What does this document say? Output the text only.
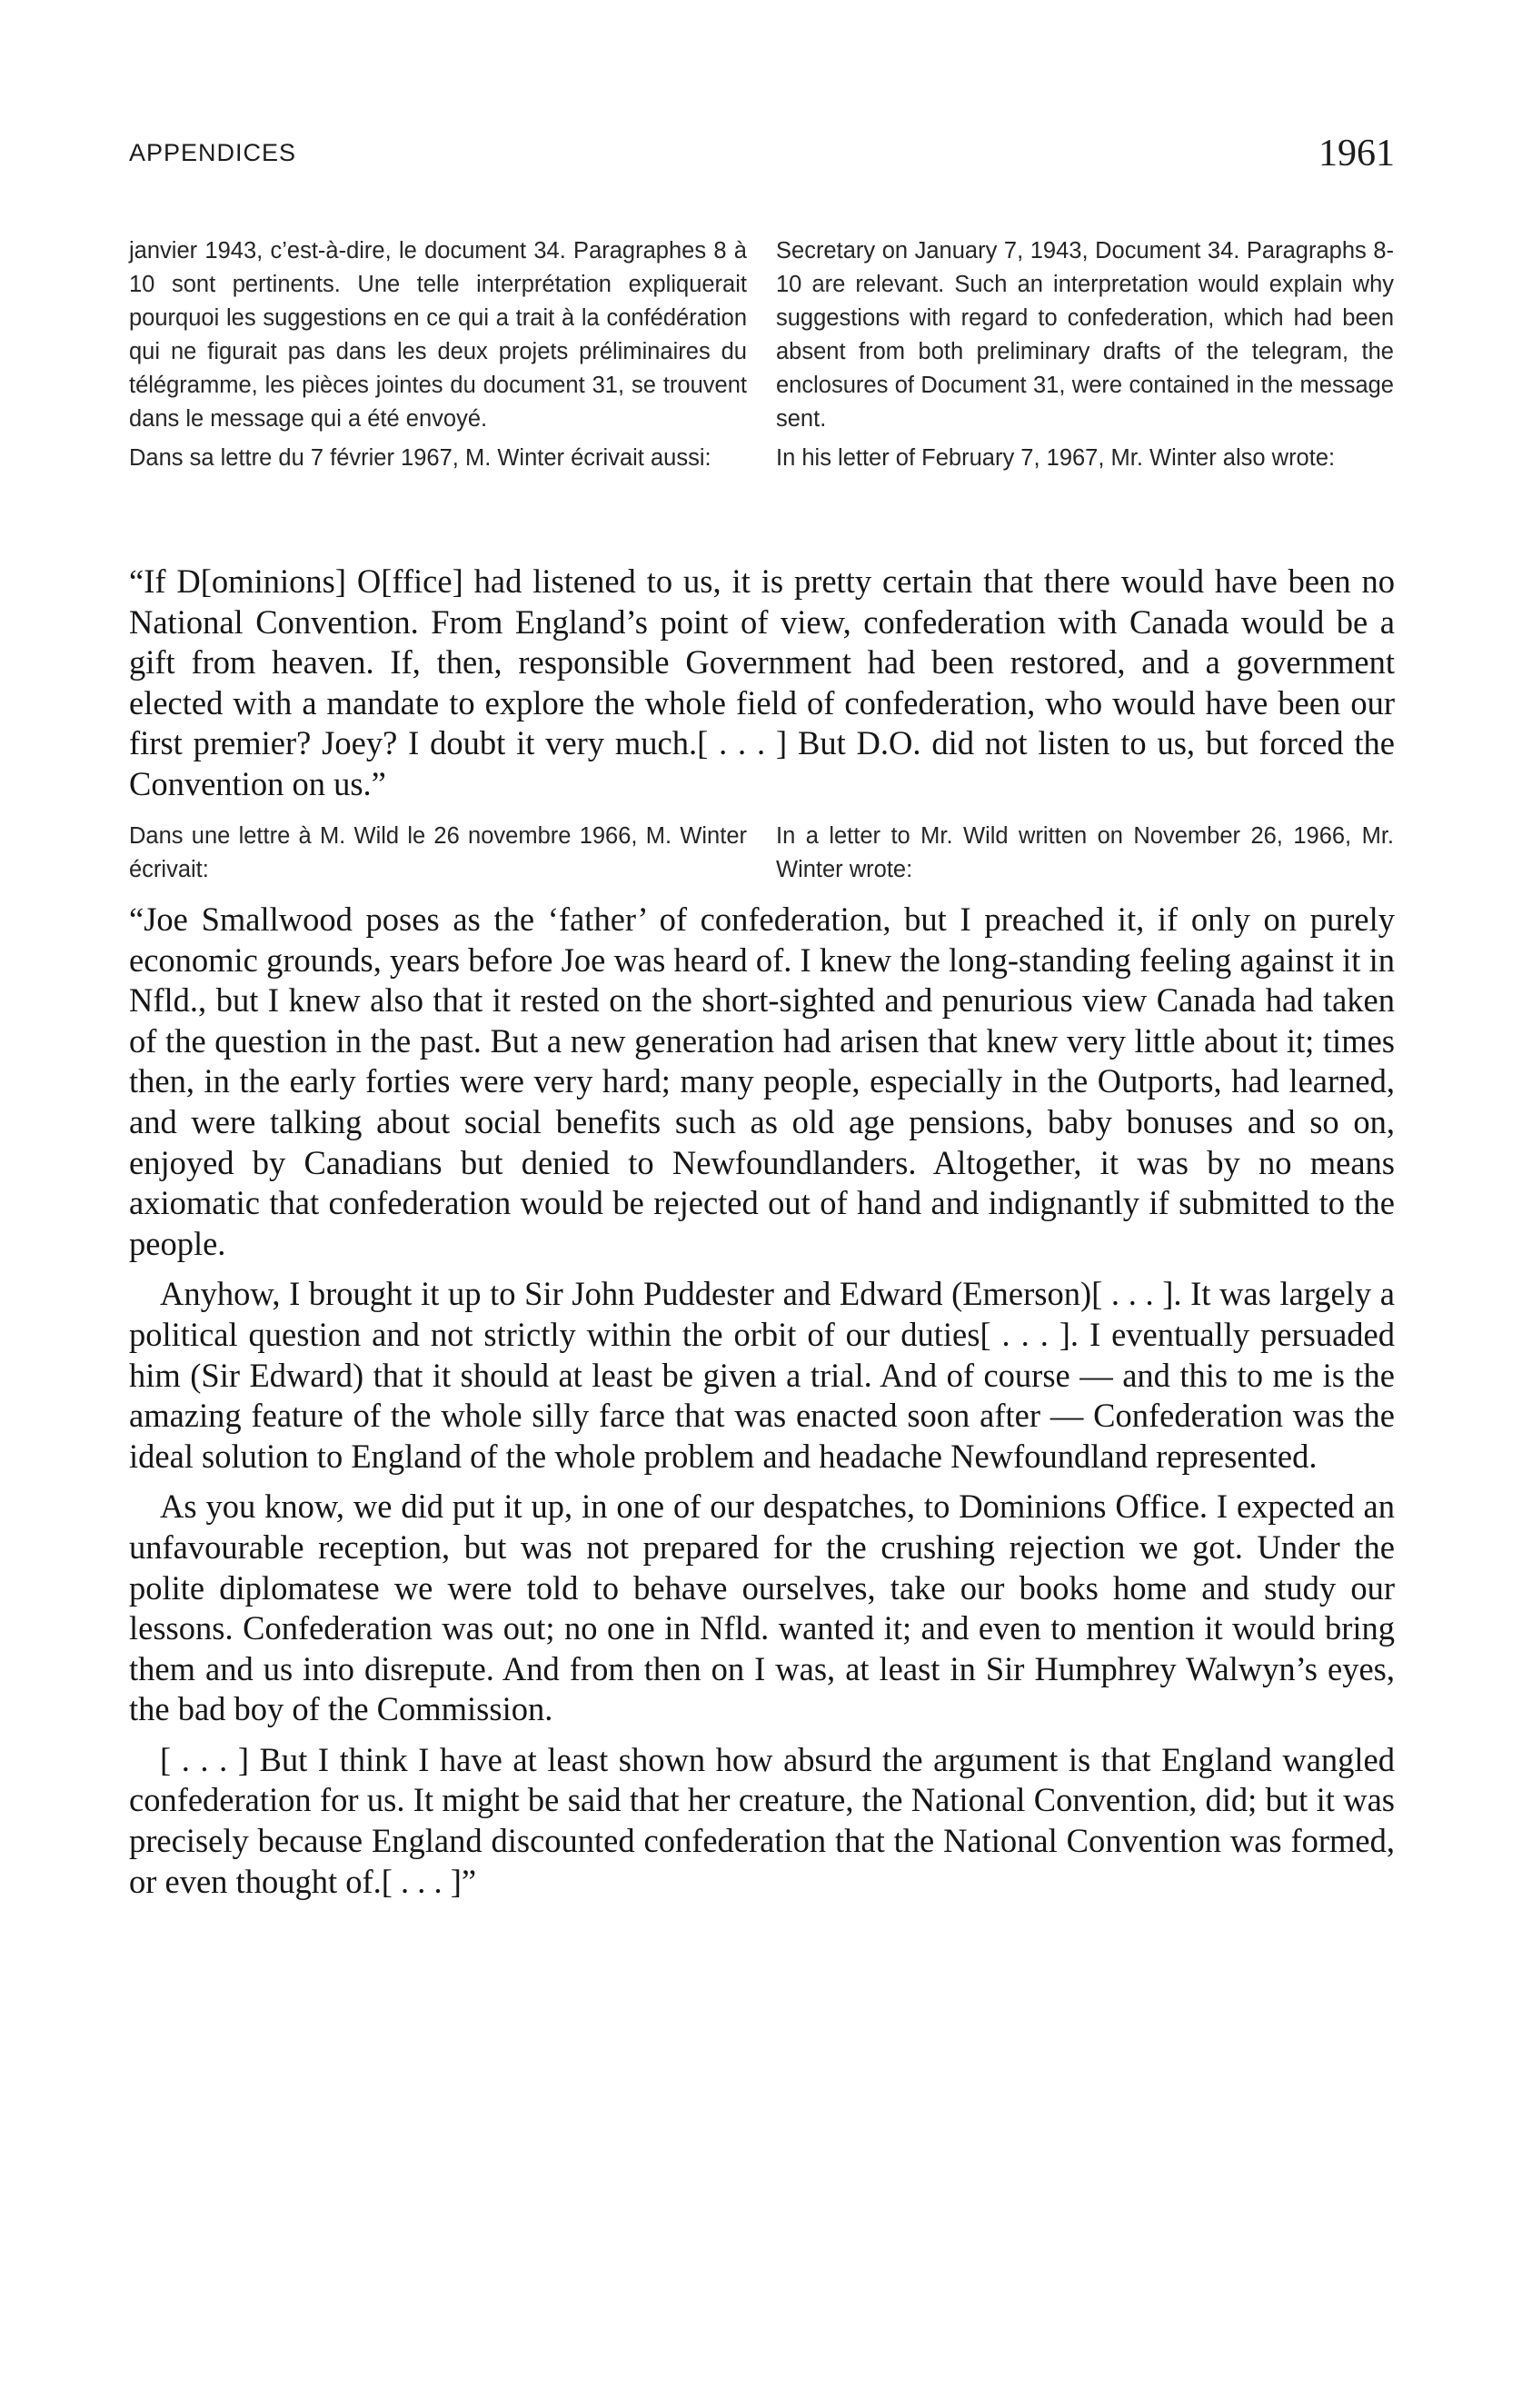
APPENDICES	1961

janvier 1943, c’est-à-dire, le document 34. Paragraphes 8 à 10 sont pertinents. Une telle interprétation expliquerait pourquoi les suggestions en ce qui a trait à la confédération qui ne figurait pas dans les deux projets préliminaires du télégramme, les pièces jointes du document 31, se trouvent dans le message qui a été envoyé.

Dans sa lettre du 7 février 1967, M. Winter écrivait aussi:

Secretary on January 7, 1943, Document 34. Paragraphs 8-10 are relevant. Such an interpretation would explain why suggestions with regard to confederation, which had been absent from both preliminary drafts of the telegram, the enclosures of Document 31, were contained in the message sent.

In his letter of February 7, 1967, Mr. Winter also wrote:

“If D[ominions] O[ffice] had listened to us, it is pretty certain that there would have been no National Convention. From England’s point of view, confederation with Canada would be a gift from heaven. If, then, responsible Government had been restored, and a government elected with a mandate to explore the whole field of confederation, who would have been our first premier? Joey? I doubt it very much.[ . . . ] But D.O. did not listen to us, but forced the Convention on us.”

Dans une lettre à M. Wild le 26 novembre 1966, M. Winter écrivait:

In a letter to Mr. Wild written on November 26, 1966, Mr. Winter wrote:

“Joe Smallwood poses as the ‘father’ of confederation, but I preached it, if only on purely economic grounds, years before Joe was heard of. I knew the long-standing feeling against it in Nfld., but I knew also that it rested on the short-sighted and penurious view Canada had taken of the question in the past. But a new generation had arisen that knew very little about it; times then, in the early forties were very hard; many people, especially in the Outports, had learned, and were talking about social benefits such as old age pensions, baby bonuses and so on, enjoyed by Canadians but denied to Newfoundlanders. Altogether, it was by no means axiomatic that confederation would be rejected out of hand and indignantly if submitted to the people.

Anyhow, I brought it up to Sir John Puddester and Edward (Emerson)[ . . . ]. It was largely a political question and not strictly within the orbit of our duties[ . . . ]. I eventually persuaded him (Sir Edward) that it should at least be given a trial. And of course — and this to me is the amazing feature of the whole silly farce that was enacted soon after — Confederation was the ideal solution to England of the whole problem and headache Newfoundland represented.

As you know, we did put it up, in one of our despatches, to Dominions Office. I expected an unfavourable reception, but was not prepared for the crushing rejection we got. Under the polite diplomatese we were told to behave ourselves, take our books home and study our lessons. Confederation was out; no one in Nfld. wanted it; and even to mention it would bring them and us into disrepute. And from then on I was, at least in Sir Humphrey Walwyn’s eyes, the bad boy of the Commission.

[ . . . ] But I think I have at least shown how absurd the argument is that England wangled confederation for us. It might be said that her creature, the National Convention, did; but it was precisely because England discounted confederation that the National Convention was formed, or even thought of.[ . . . ]”
